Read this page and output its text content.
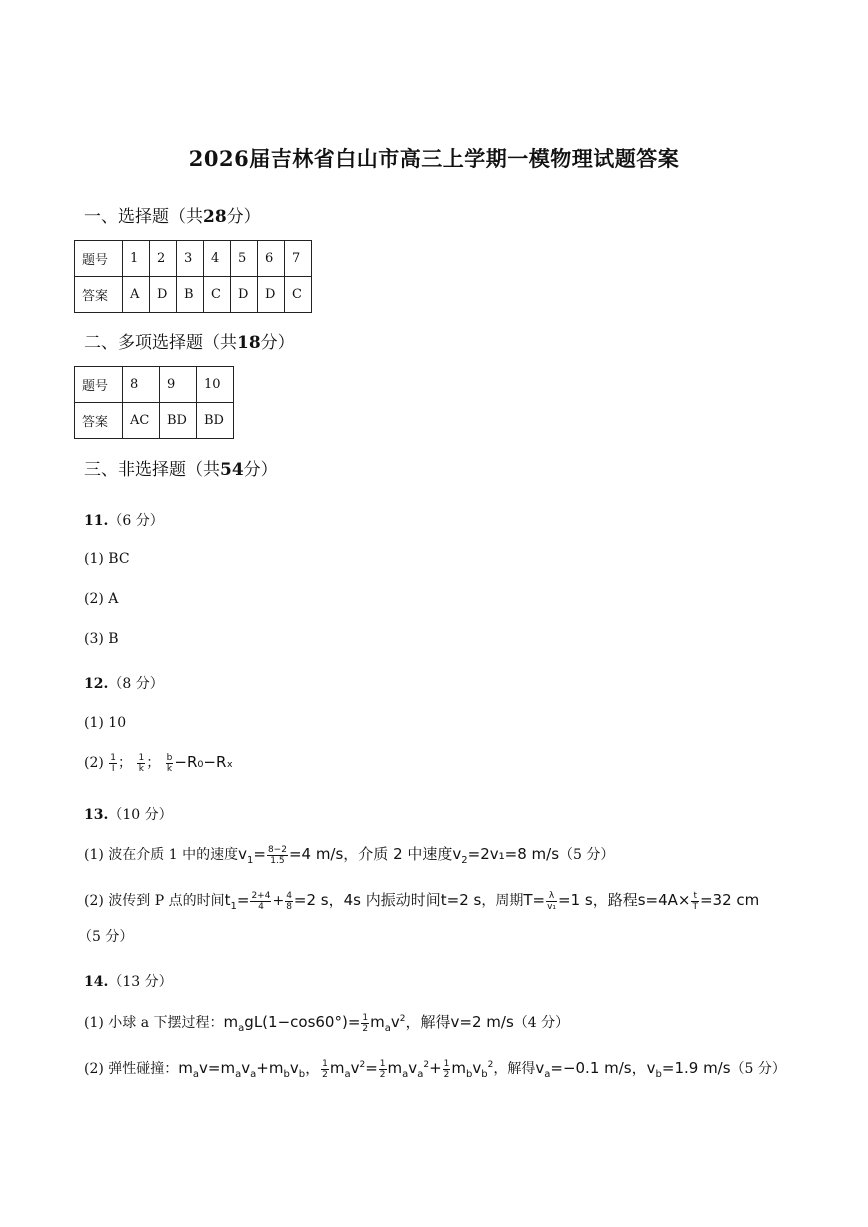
2026届吉林省白山市高三上学期一模物理试题答案
一、选择题（共28分）
题号	1	2	3	4	5	6	7
答案	A	D	B	C	D	D	C
二、多项选择题（共18分）
题号	8	9	10
答案	AC	BD	BD
三、非选择题（共54分）
11.（6 分）
(1) BC
(2) A
(3) B
12.（8 分）
(1) 10
$(2) \frac{1}{I}$ ； $\frac{1}{k}$ ； $\frac{b}{k} -R_0-R_x$
13.（10 分）
(1) 波在介质 1 中的速度$v_1= \frac{8-2}{1.5} =4$ m/s，介质 2 中速度$v_2=2v_1=8$ m/s（5 分）
(2) 波传到 P 点的时间$t_1= \frac{2+4}{4} + \frac{4}{8} =2$ s，4s 内振动时间t=2 s，周期$T= \frac{\lambda}{\text{v₁}} =1$ s，路程$s=4A\times \frac{t}{T} =32$ cm
（5 分）
14.（13 分）
(1) 小球 a 下摆过程：$m_agL(1-\cos 60^\circ)= \frac{1}{2} m_av^2$，解得v=2 m/s（4 分）
(2) 弹性碰撞：$m_av=m_av_a+m_bv_b$， $\frac{1}{2} m_av^2= \frac{1}{2} m_av_a^2+ \frac{1}{2} m_bv_b^2$，解得$v_a=-0.1$ m/s，$v_b=1.9$ m/s（5 分）
